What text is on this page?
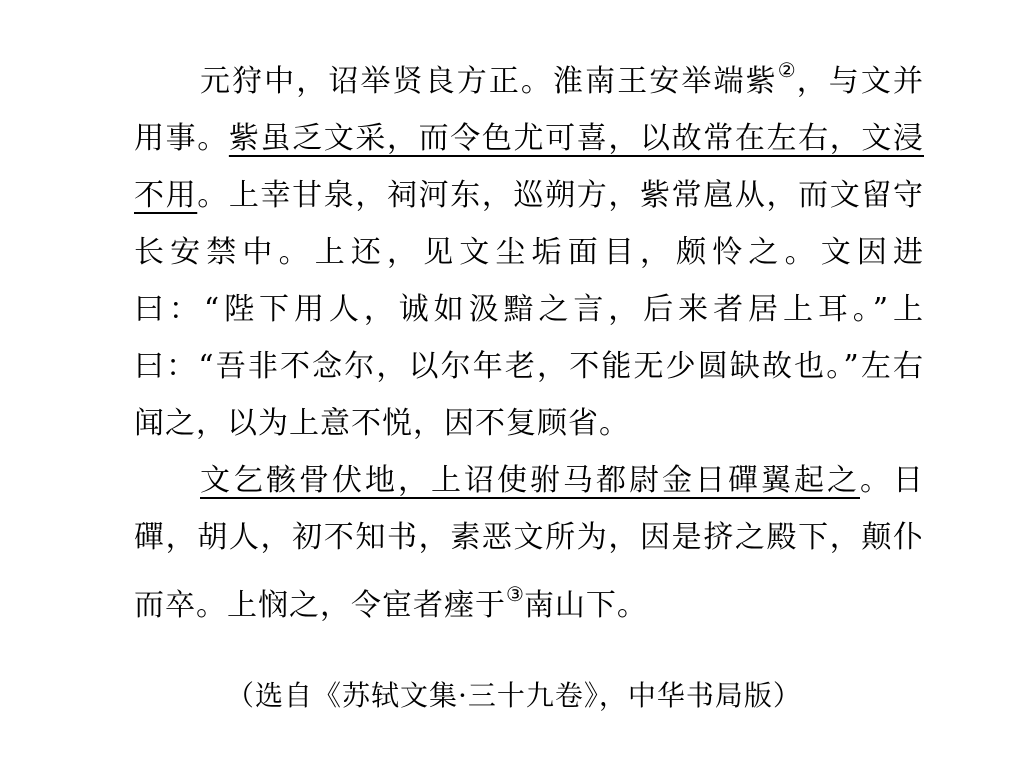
元狩中，诏举贤良方正。淮南王安举端紫②，与文并用事。紫虽乏文采，而令色尤可喜，以故常在左右，文浸不用。上幸甘泉，祠河东，巡朔方，紫常扈从，而文留守长安禁中。上还，见文尘垢面目，颇怜之。文因进曰：“陛下用人，诚如汲黯之言，后来者居上耳。”上曰：“吾非不念尔，以尔年老，不能无少圆缺故也。”左右闻之，以为上意不悦，因不复顾省。

文乞骸骨伏地，上诏使驸马都尉金日磾翼起之。日磾，胡人，初不知书，素恶文所为，因是挤之殿下，颠仆而卒。上悯之，令宦者瘗于③南山下。

（选自《苏轼文集·三十九卷》，中华书局版）
